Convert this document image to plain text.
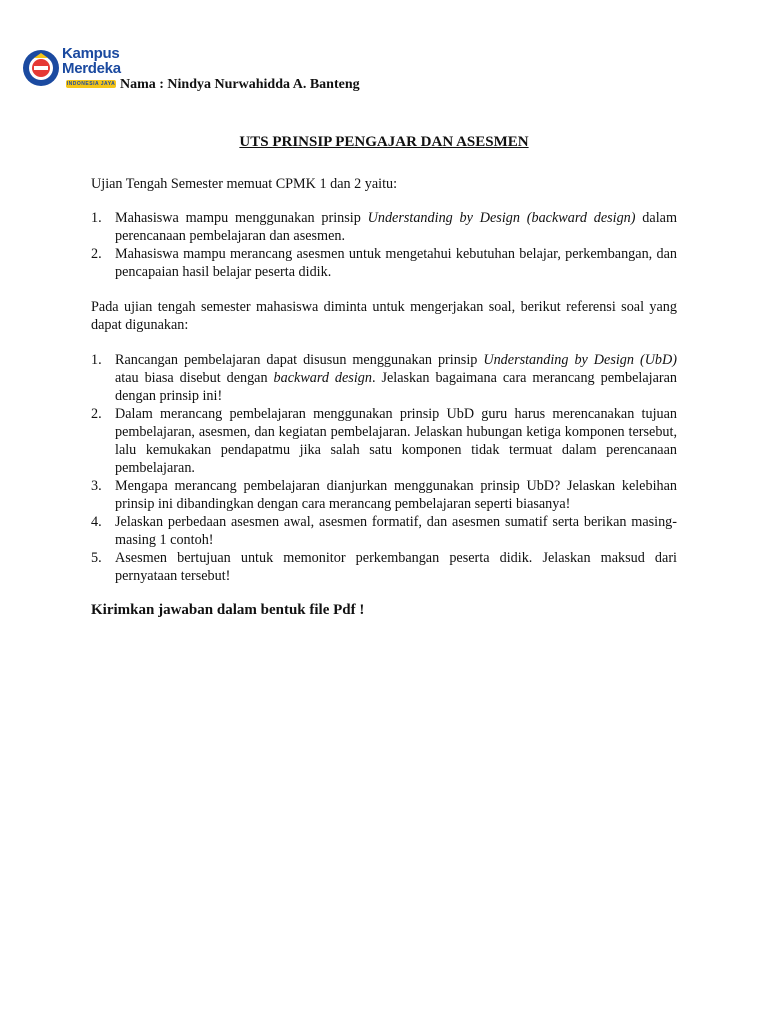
Kampus
Merdeka
INDONESIA JAYA Nama : Nindya Nurwahidda A. Banteng
UTS PRINSIP PENGAJAR DAN ASESMEN
Ujian Tengah Semester memuat CPMK 1 dan 2 yaitu:
1. Mahasiswa mampu menggunakan prinsip Understanding by Design (backward design) dalam perencanaan pembelajaran dan asesmen.
2. Mahasiswa mampu merancang asesmen untuk mengetahui kebutuhan belajar, perkembangan, dan pencapaian hasil belajar peserta didik.
Pada ujian tengah semester mahasiswa diminta untuk mengerjakan soal, berikut referensi soal yang dapat digunakan:
1. Rancangan pembelajaran dapat disusun menggunakan prinsip Understanding by Design (UbD) atau biasa disebut dengan backward design. Jelaskan bagaimana cara merancang pembelajaran dengan prinsip ini!
2. Dalam merancang pembelajaran menggunakan prinsip UbD guru harus merencanakan tujuan pembelajaran, asesmen, dan kegiatan pembelajaran. Jelaskan hubungan ketiga komponen tersebut, lalu kemukakan pendapatmu jika salah satu komponen tidak termuat dalam perencanaan pembelajaran.
3. Mengapa merancang pembelajaran dianjurkan menggunakan prinsip UbD? Jelaskan kelebihan prinsip ini dibandingkan dengan cara merancang pembelajaran seperti biasanya!
4. Jelaskan perbedaan asesmen awal, asesmen formatif, dan asesmen sumatif serta berikan masing-masing 1 contoh!
5. Asesmen bertujuan untuk memonitor perkembangan peserta didik. Jelaskan maksud dari pernyataan tersebut!
Kirimkan jawaban dalam bentuk file Pdf !
